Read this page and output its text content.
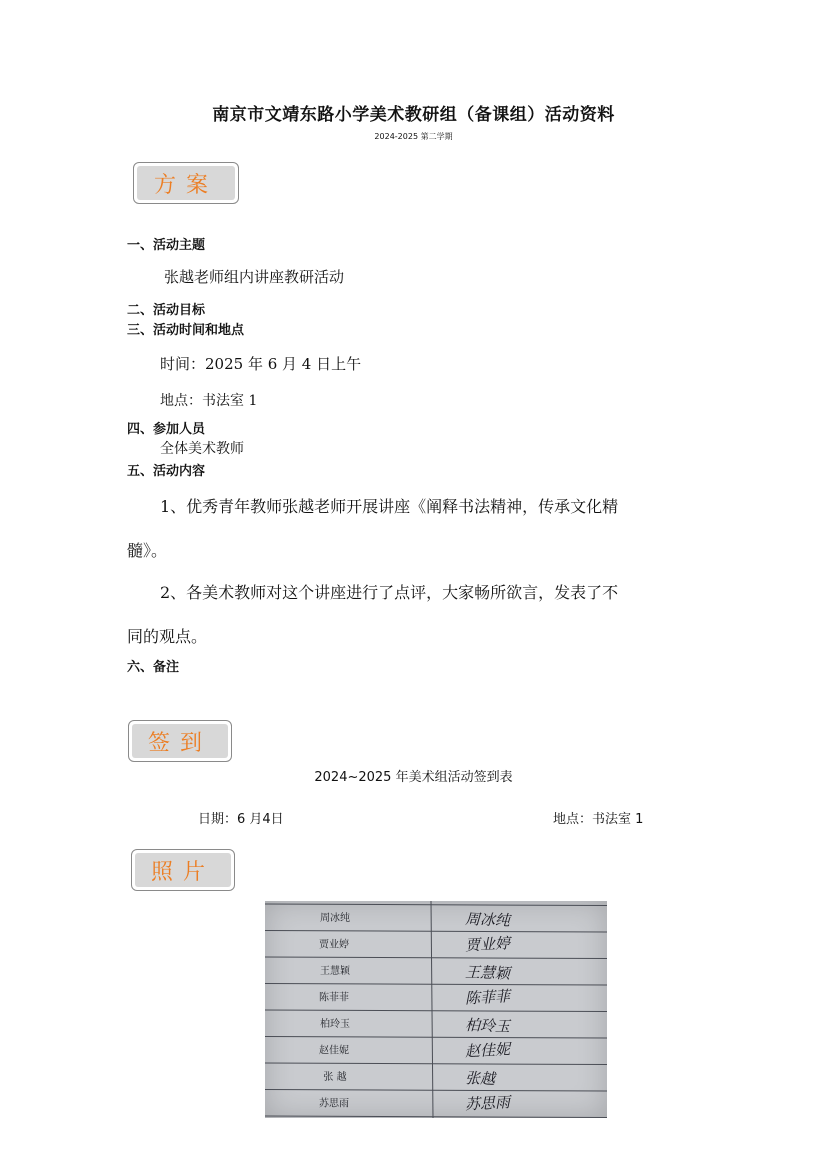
南京市文靖东路小学美术教研组（备课组）活动资料
2024-2025 第二学期
方案
一、活动主题
张越老师组内讲座教研活动
二、活动目标
三、活动时间和地点
时间：2025 年 6 月 4 日上午
地点：书法室 1
四、参加人员
全体美术教师
五、活动内容
1、优秀青年教师张越老师开展讲座《阐释书法精神，传承文化精
髓》。
2、各美术教师对这个讲座进行了点评，大家畅所欲言，发表了不
同的观点。
六、备注
签到
2024~2025 年美术组活动签到表
日期：6 月4日	地点：书法室 1
照片
周冰纯
贾业婷
王慧颖
陈菲菲
柏玲玉
赵佳妮
张 越
苏思雨
周冰纯
贾业婷
王慧颖
陈菲菲
柏玲玉
赵佳妮
张越
苏思雨
